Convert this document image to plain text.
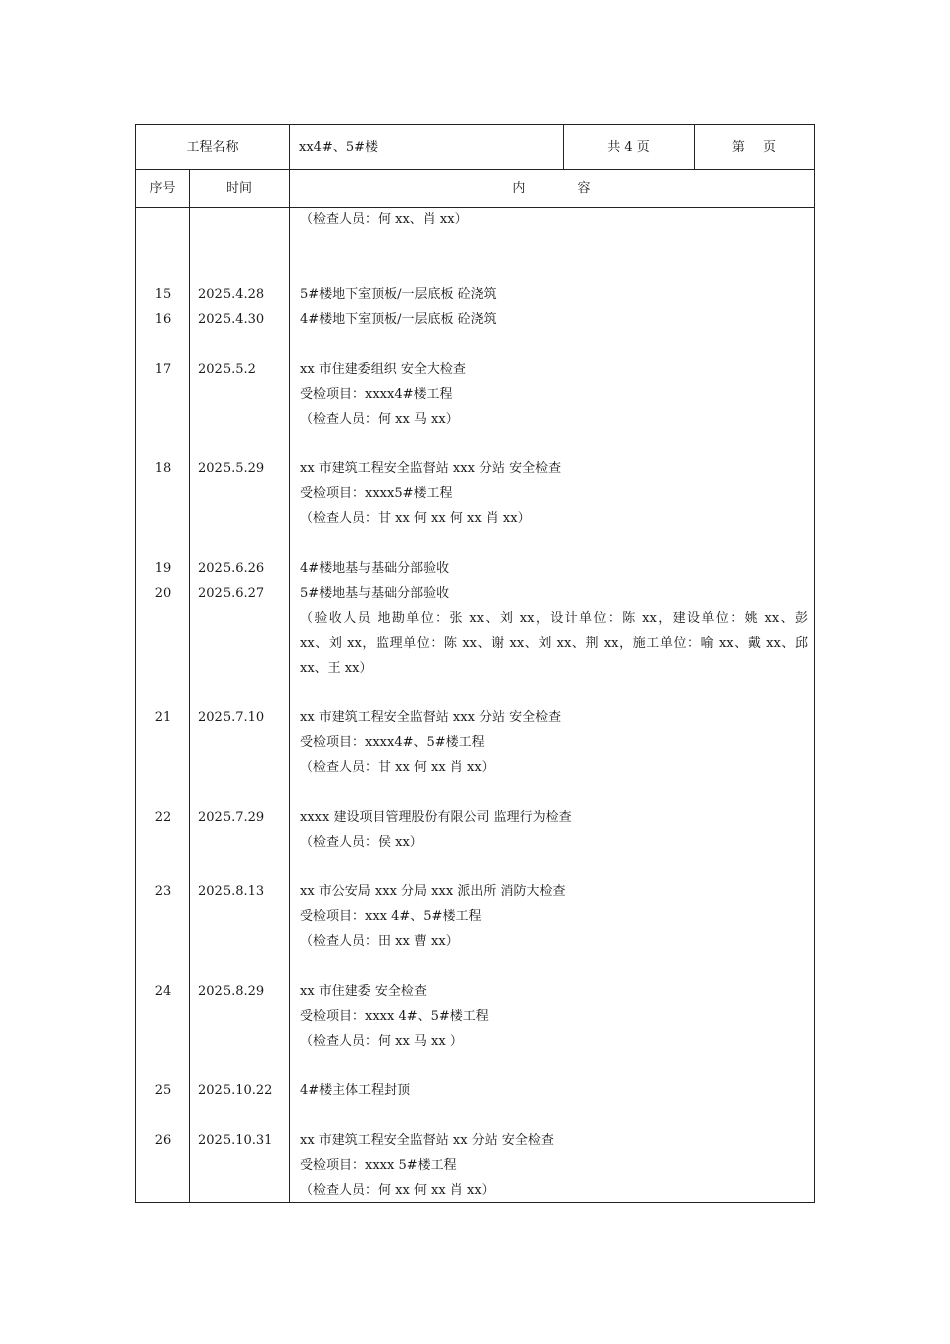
工程名称	xx4#、5#楼	共 4 页	第 页
序号	时间	内 容
（检查人员：何 xx、肖 xx）
15	2025.4.28	5#楼地下室顶板/一层底板 砼浇筑
16	2025.4.30	4#楼地下室顶板/一层底板 砼浇筑
17	2025.5.2	xx 市住建委组织 安全大检查
受检项目：xxxx4#楼工程
（检查人员：何 xx 马 xx）
18	2025.5.29	xx 市建筑工程安全监督站 xxx 分站 安全检查
受检项目：xxxx5#楼工程
（检查人员：甘 xx 何 xx 何 xx 肖 xx）
19	2025.6.26	4#楼地基与基础分部验收
20	2025.6.27	5#楼地基与基础分部验收
（验收人员 地勘单位：张 xx、刘 xx，设计单位：陈 xx，建设单位：姚 xx、彭
xx、刘 xx，监理单位：陈 xx、谢 xx、刘 xx、荆 xx，施工单位：喻 xx、戴 xx、邱
xx、王 xx）
21	2025.7.10	xx 市建筑工程安全监督站 xxx 分站 安全检查
受检项目：xxxx4#、5#楼工程
（检查人员：甘 xx 何 xx 肖 xx）
22	2025.7.29	xxxx 建设项目管理股份有限公司 监理行为检查
（检查人员：侯 xx）
23	2025.8.13	xx 市公安局 xxx 分局 xxx 派出所 消防大检查
受检项目：xxx 4#、5#楼工程
（检查人员：田 xx 曹 xx）
24	2025.8.29	xx 市住建委 安全检查
受检项目：xxxx 4#、5#楼工程
（检查人员：何 xx 马 xx ）
25	2025.10.22 4#楼主体工程封顶
26	2025.10.31 xx 市建筑工程安全监督站 xx 分站 安全检查
受检项目：xxxx 5#楼工程
（检查人员：何 xx 何 xx 肖 xx）
